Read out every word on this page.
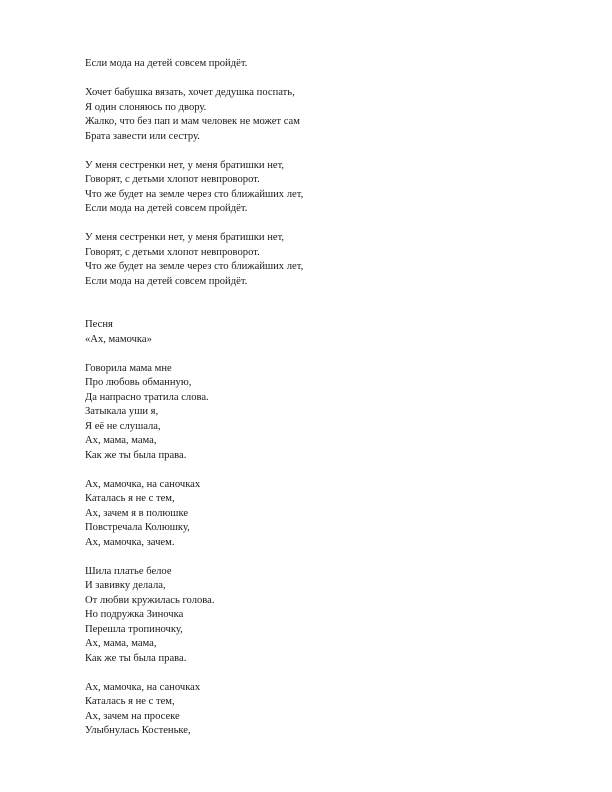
Если мода на детей совсем пройдёт.
Хочет бабушка вязать, хочет дедушка поспать,
Я один слоняюсь по двору.
Жалко, что без пап и мам человек не может сам
Брата завести или сестру.
У меня сестренки нет, у меня братишки нет,
Говорят, с детьми хлопот невпроворот.
Что же будет на земле через сто ближайших лет,
Если мода на детей совсем пройдёт.
У меня сестренки нет, у меня братишки нет,
Говорят, с детьми хлопот невпроворот.
Что же будет на земле через сто ближайших лет,
Если мода на детей совсем пройдёт.
Песня
«Ах, мамочка»
Говорила мама мне
Про любовь обманную,
Да напрасно тратила слова.
Затыкала уши я,
Я её не слушала,
Ах, мама, мама,
Как же ты была права.
Ах, мамочка, на саночках
Каталась я не с тем,
Ах, зачем я в полюшке
Повстречала Колюшку,
Ах, мамочка, зачем.
Шила платье белое
И завивку делала,
От любви кружилась голова.
Но подружка Зиночка
Перешла тропиночку,
Ах, мама, мама,
Как же ты была права.
Ах, мамочка, на саночках
Каталась я не с тем,
Ах, зачем на просеке
Улыбнулась Костеньке,
